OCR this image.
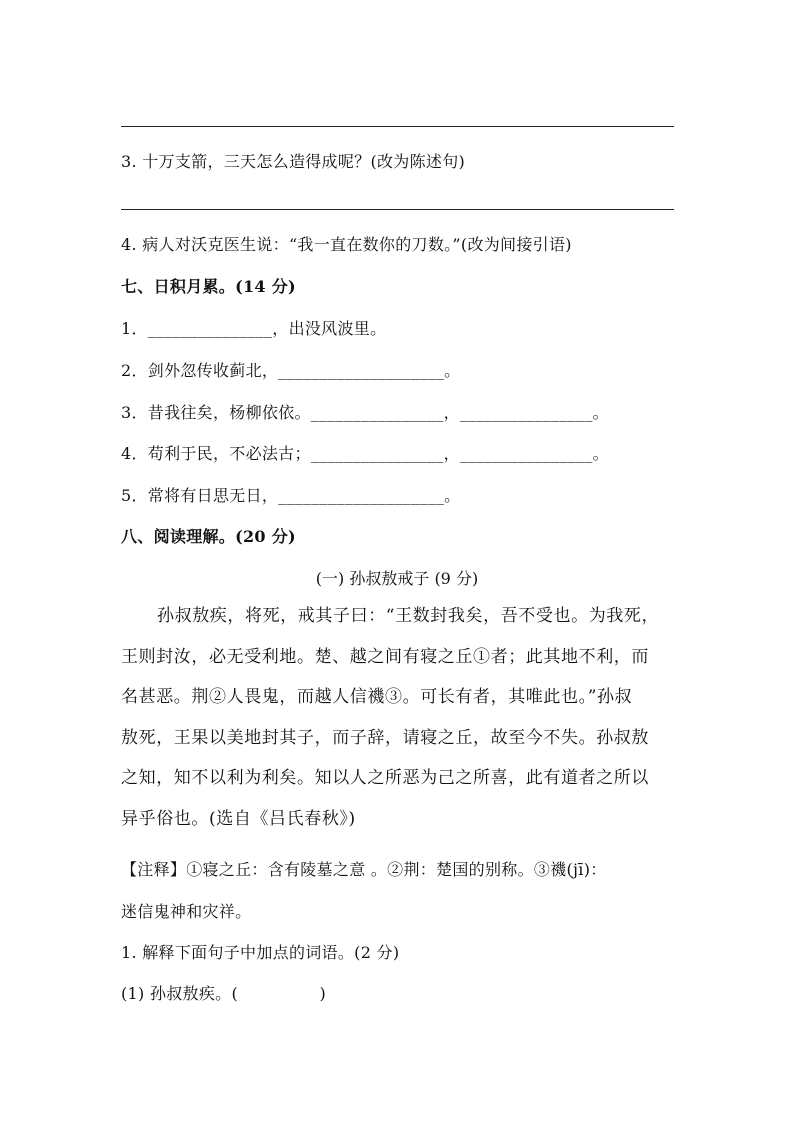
3. 十万支箭，三天怎么造得成呢？(改为陈述句)
4. 病人对沃克医生说：“我一直在数你的刀数。”(改为间接引语)
七、日积月累。(14 分)
1．_______________，出没风波里。
2．剑外忽传收蓟北，____________________。
3．昔我往矣，杨柳依依。________________，________________。
4．苟利于民，不必法古；________________，________________。
5．常将有日思无日，____________________。
八、阅读理解。(20 分)
(一) 孙叔敖戒子 (9 分)

孙叔敖疾，将死，戒其子曰：“王数封我矣，吾不受也。为我死，

王则封汝，必无受利地。楚、越之间有寝之丘①者；此其地不利，而

名甚恶。荆②人畏鬼，而越人信禨③。可长有者，其唯此也。”孙叔

敖死，王果以美地封其子，而子辞，请寝之丘，故至今不失。孙叔敖

之知，知不以利为利矣。知以人之所恶为己之所喜，此有道者之所以

异乎俗也。(选自《吕氏春秋》)

【注释】①寝之丘：含有陵墓之意 。②荆：楚国的别称。③禨(jī)：
迷信鬼神和灾祥。
1. 解释下面句子中加点的词语。(2 分)
(1) 孙叔敖疾。(　　　　　)
